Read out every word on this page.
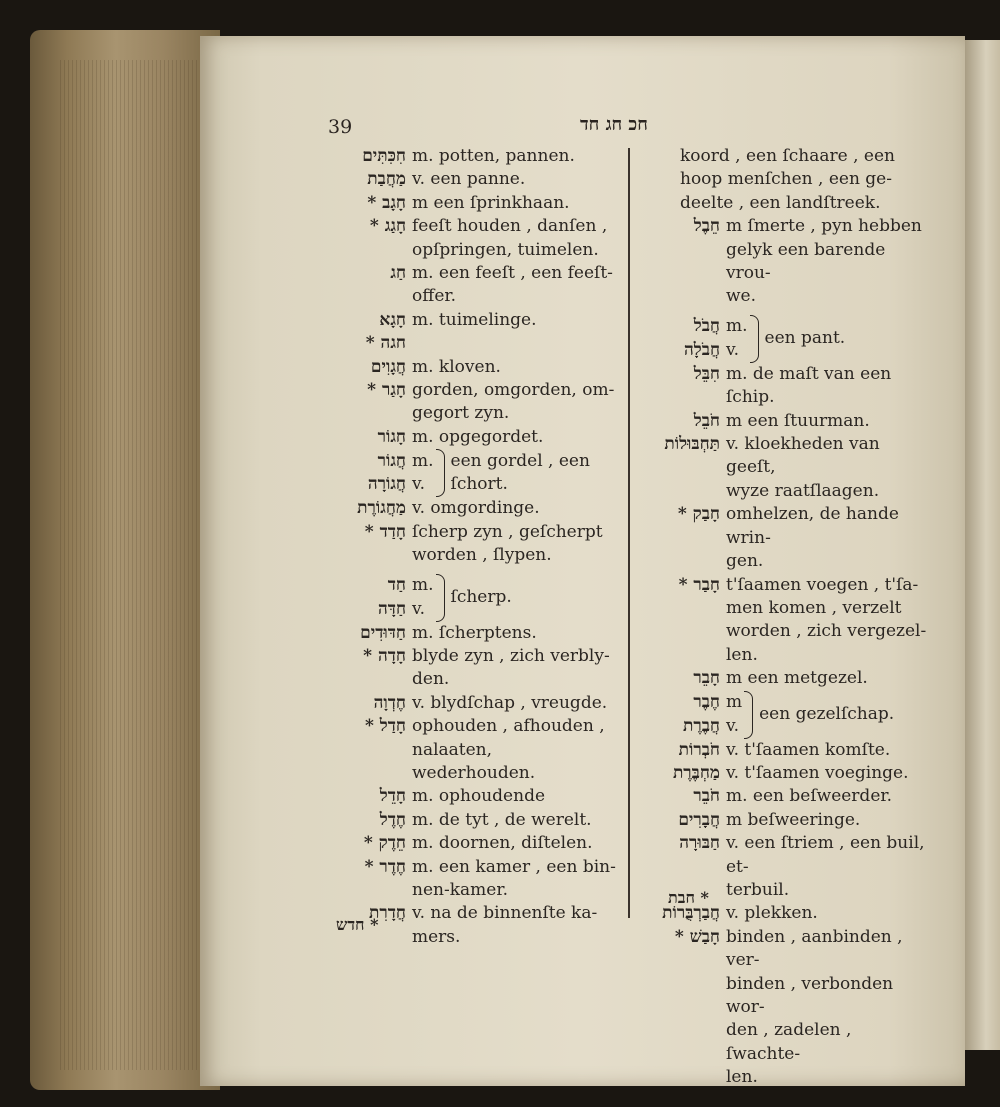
39	חכ חג חד
חִכִּתִּים m. potten, pannen.
מַחֲבַת v. een panne.
חָגָב * m een ſprinkhaan.
חָגַג * feeſt houden , danſen ,
opſpringen, tuimelen.
חַג m. een feeſt , een feeſt-
offer.
חָגָא m. tuimelinge.
חגה *
חֲגָוִים m. kloven.
חָגַר * gorden, omgorden, om-
gegort zyn.
חָגוֹר m. opgegordet.
חֲגוֹר m.
חֲגוֹרָה v.
een gordel , een
ſchort.
מַחֲגוֹרֶת v. omgordinge.
חָדַד * ſcherp zyn , geſcherpt
worden , ſlypen.
חַד m.
חַדָּה v.
ſcherp.
חַדּוּדִים m. ſcherptens.
חָדָה * blyde zyn , zich verbly-
den.
חֶדְוָה v. blydſchap , vreugde.
חָדַל * ophouden , afhouden ,
nalaaten, wederhouden.
חָדֵל m. ophoudende
חֶדֶל m. de tyt , de werelt.
חֵדֶק * m. doornen, diſtelen.
חֶדֶר * m. een kamer , een bin-
nen-kamer.
חֲדָרִת v. na de binnenſte ka-
mers.
koord , een ſchaare , een
hoop menſchen , een ge-
deelte , een landſtreek.
חֵבֶל m ſmerte , pyn hebben
gelyk een barende vrou-
we.
חֲבֹל m.
חֲבֹלָה v.
een pant.
חִבֵּל m. de maſt van een ſchip.
חֹבֵל m een ſtuurman.
תַּחְבּוּלוֹת v. kloekheden van geeſt,
wyze raatſlaagen.
חָבַק * omhelzen, de hande wrin-
gen.
חָבַר * t'ſaamen voegen , t'ſa-
men komen , verzelt
worden , zich vergezel-
len.
חָבֵר m een metgezel.
חֶבֶר m
חֲבֶרֶת v.
een gezelſchap.
חֹבְרוֹת v. t'ſaamen komſte.
מַחְבֶּרֶת v. t'ſaamen voeginge.
חֹבֵר m. een beſweerder.
חֲבָרִים m beſweeringe.
חַבּוּרָה v. een ſtriem , een buil, et-
terbuil.
חֲבַרְבֻּרוֹת v. plekken.
חָבַשׁ * binden , aanbinden , ver-
binden , verbonden wor-
den , zadelen , ſwachte-
len.
חדש *
חבת *
